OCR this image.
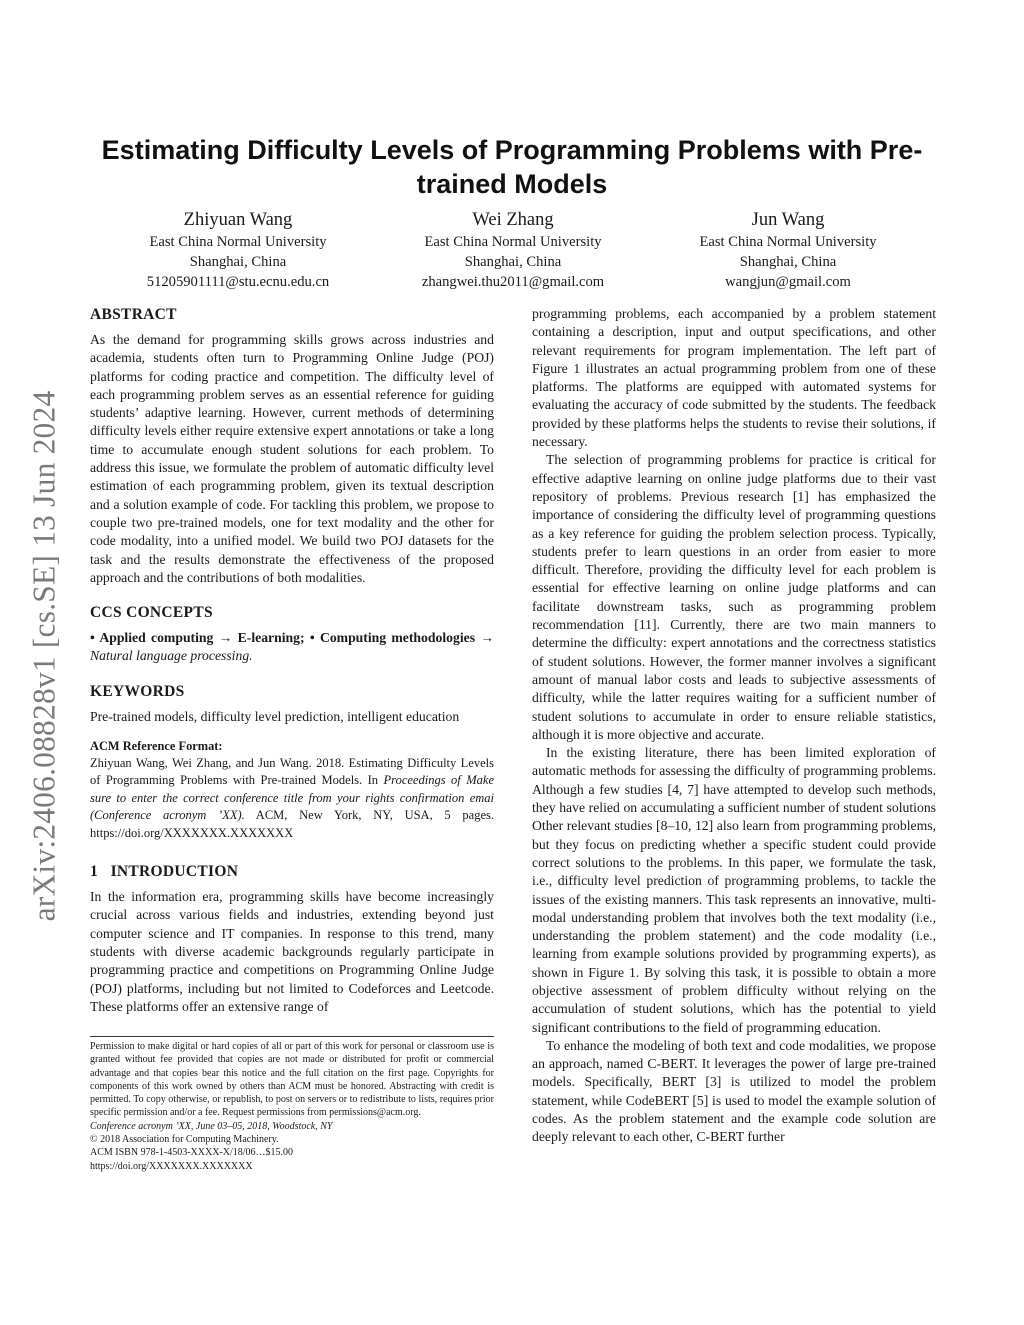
arXiv:2406.08828v1 [cs.SE] 13 Jun 2024
Estimating Difficulty Levels of Programming Problems with Pre-trained Models
Zhiyuan Wang
East China Normal University
Shanghai, China
51205901111@stu.ecnu.edu.cn
Wei Zhang
East China Normal University
Shanghai, China
zhangwei.thu2011@gmail.com
Jun Wang
East China Normal University
Shanghai, China
wangjun@gmail.com
ABSTRACT

As the demand for programming skills grows across industries and academia, students often turn to Programming Online Judge (POJ) platforms for coding practice and competition. The difficulty level of each programming problem serves as an essential reference for guiding students’ adaptive learning. However, current methods of determining difficulty levels either require extensive expert annotations or take a long time to accumulate enough student solutions for each problem. To address this issue, we formulate the problem of automatic difficulty level estimation of each programming problem, given its textual description and a solution example of code. For tackling this problem, we propose to couple two pre-trained models, one for text modality and the other for code modality, into a unified model. We build two POJ datasets for the task and the results demonstrate the effectiveness of the proposed approach and the contributions of both modalities.

CCS CONCEPTS

• Applied computing → E-learning; • Computing methodologies → Natural language processing.

KEYWORDS

Pre-trained models, difficulty level prediction, intelligent education

ACM Reference Format:

Zhiyuan Wang, Wei Zhang, and Jun Wang. 2018. Estimating Difficulty Levels of Programming Problems with Pre-trained Models. In Proceedings of Make sure to enter the correct conference title from your rights confirmation emai (Conference acronym ’XX). ACM, New York, NY, USA, 5 pages. https://doi.org/XXXXXXX.XXXXXXX

1   INTRODUCTION

In the information era, programming skills have become increasingly crucial across various fields and industries, extending beyond just computer science and IT companies. In response to this trend, many students with diverse academic backgrounds regularly participate in programming practice and competitions on Programming Online Judge (POJ) platforms, including but not limited to Codeforces and Leetcode. These platforms offer an extensive range of

Permission to make digital or hard copies of all or part of this work for personal or classroom use is granted without fee provided that copies are not made or distributed for profit or commercial advantage and that copies bear this notice and the full citation on the first page. Copyrights for components of this work owned by others than ACM must be honored. Abstracting with credit is permitted. To copy otherwise, or republish, to post on servers or to redistribute to lists, requires prior specific permission and/or a fee. Request permissions from permissions@acm.org.

Conference acronym ’XX, June 03–05, 2018, Woodstock, NY

© 2018 Association for Computing Machinery.

ACM ISBN 978-1-4503-XXXX-X/18/06…$15.00

https://doi.org/XXXXXXX.XXXXXXX

programming problems, each accompanied by a problem statement containing a description, input and output specifications, and other relevant requirements for program implementation. The left part of Figure 1 illustrates an actual programming problem from one of these platforms. The platforms are equipped with automated systems for evaluating the accuracy of code submitted by the students. The feedback provided by these platforms helps the students to revise their solutions, if necessary.

The selection of programming problems for practice is critical for effective adaptive learning on online judge platforms due to their vast repository of problems. Previous research [1] has emphasized the importance of considering the difficulty level of programming questions as a key reference for guiding the problem selection process. Typically, students prefer to learn questions in an order from easier to more difficult. Therefore, providing the difficulty level for each problem is essential for effective learning on online judge platforms and can facilitate downstream tasks, such as programming problem recommendation [11]. Currently, there are two main manners to determine the difficulty: expert annotations and the correctness statistics of student solutions. However, the former manner involves a significant amount of manual labor costs and leads to subjective assessments of difficulty, while the latter requires waiting for a sufficient number of student solutions to accumulate in order to ensure reliable statistics, although it is more objective and accurate.

In the existing literature, there has been limited exploration of automatic methods for assessing the difficulty of programming problems. Although a few studies [4, 7] have attempted to develop such methods, they have relied on accumulating a sufficient number of student solutions Other relevant studies [8–10, 12] also learn from programming problems, but they focus on predicting whether a specific student could provide correct solutions to the problems. In this paper, we formulate the task, i.e., difficulty level prediction of programming problems, to tackle the issues of the existing manners. This task represents an innovative, multi-modal understanding problem that involves both the text modality (i.e., understanding the problem statement) and the code modality (i.e., learning from example solutions provided by programming experts), as shown in Figure 1. By solving this task, it is possible to obtain a more objective assessment of problem difficulty without relying on the accumulation of student solutions, which has the potential to yield significant contributions to the field of programming education.

To enhance the modeling of both text and code modalities, we propose an approach, named C-BERT. It leverages the power of large pre-trained models. Specifically, BERT [3] is utilized to model the problem statement, while CodeBERT [5] is used to model the example solution of codes. As the problem statement and the example code solution are deeply relevant to each other, C-BERT further
